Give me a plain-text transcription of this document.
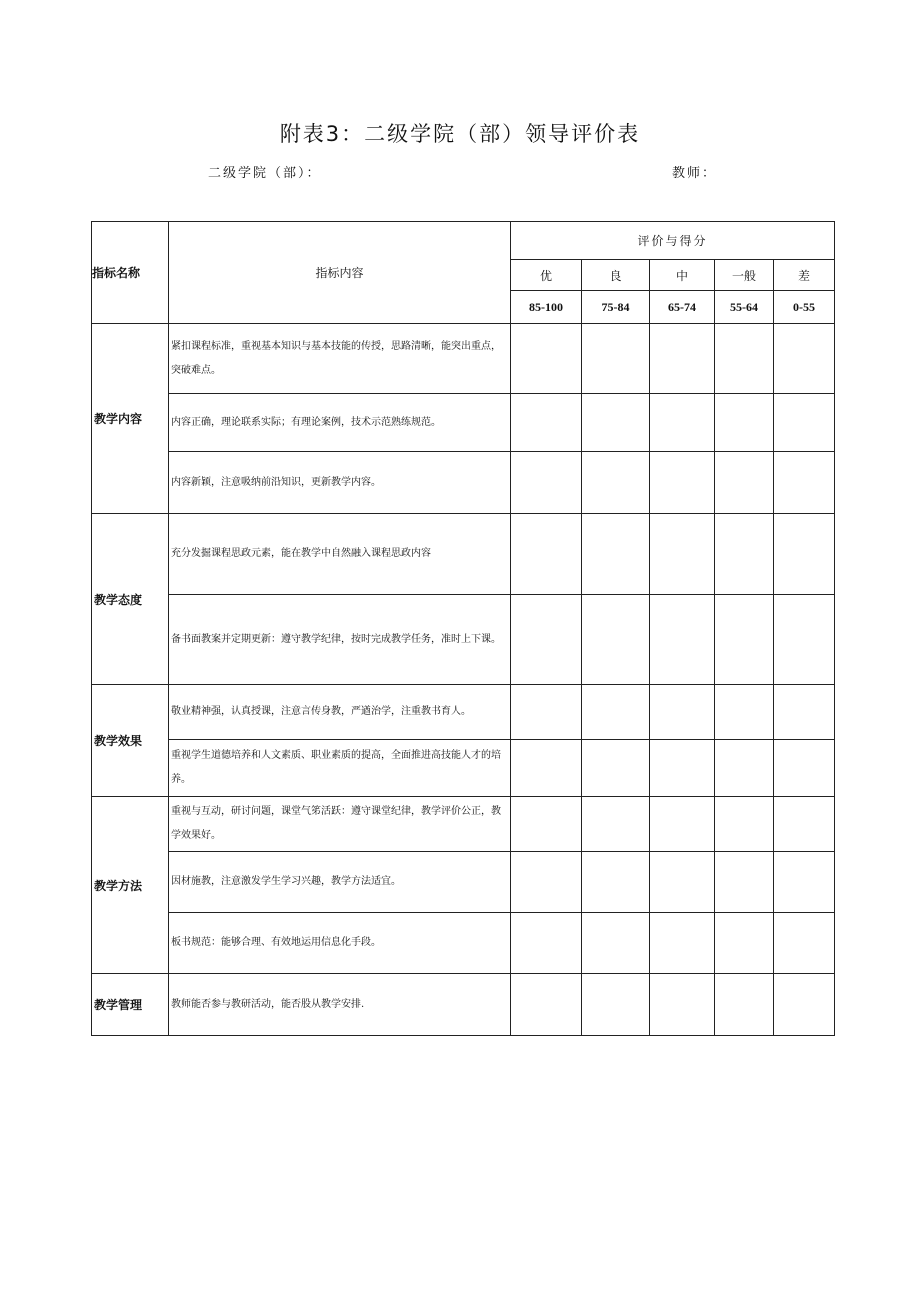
附表3：二级学院（部）领导评价表
二级学院（部）：	教师：
指标名称	指标内容	评价与得分				
		优	良	中	一般	差
		85-100	75-84	65-74	55-64	0-55
教学内容	紧扣课程标准，重视基本知识与基本技能的传授，思路清晰，能突出重点，突破难点。					
	内容正确，理论联系实际；有理论案例，技术示范熟练规范。					
	内容新颖，注意吸纳前沿知识，更新教学内容。					
教学态度	充分发掘课程思政元素，能在教学中自然融入课程思政内容					
	备书面教案并定期更新：遵守教学纪律，按时完成教学任务，准时上下课。					
教学效果	敬业精神强，认真授课，注意言传身教，严遒治学，注重教书育人。					
	重视学生道德培养和人文素质、职业素质的提高，全面推进高技能人才的培养。					
教学方法	重视与互动，研讨问题，课堂气笫活跃：遵守课堂纪律，教学评价公正，教学效果好。					
	因材施教，注意激发学生学习兴趣，教学方法适宜。					
	板书规范：能够合理、有效地运用信息化手段。					
教学管理	教师能否参与教研活动，能否股从教学安排.					
